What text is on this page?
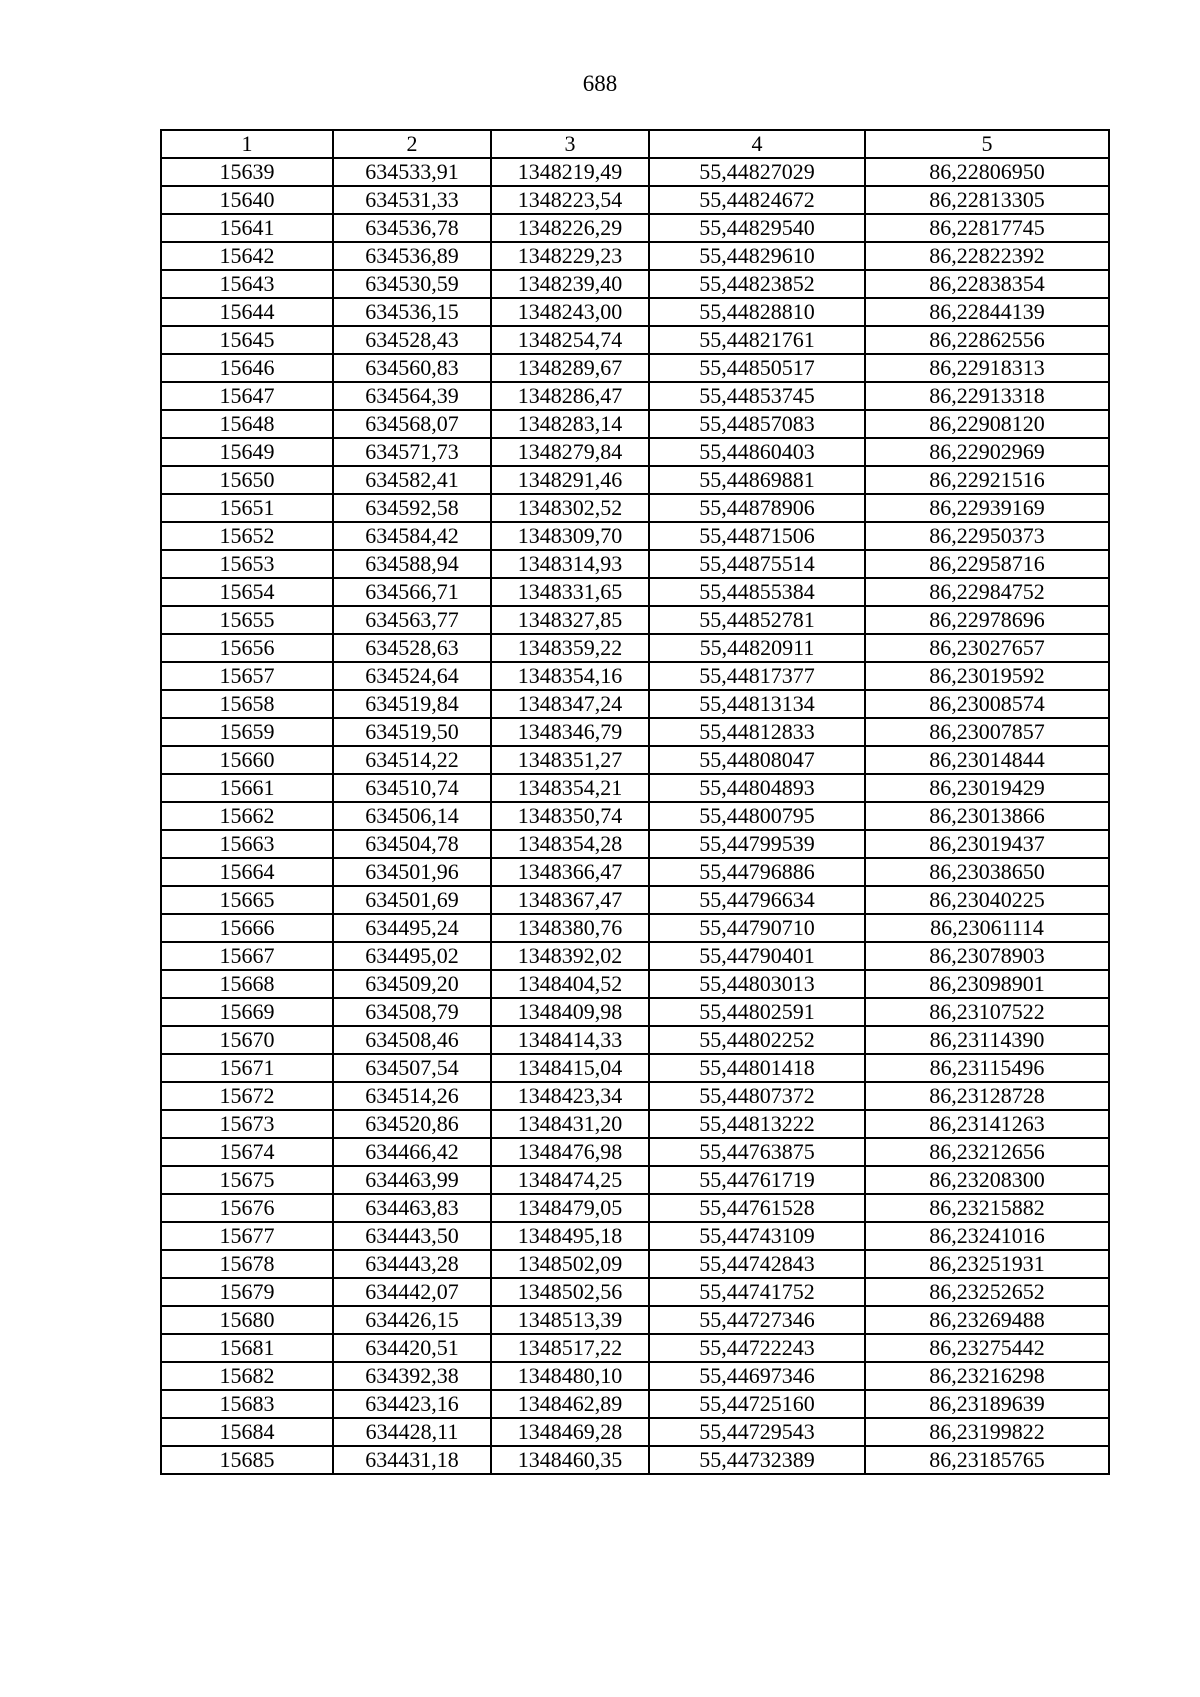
688
1	2	3	4	5
15639	634533,91	1348219,49	55,44827029	86,22806950
15640	634531,33	1348223,54	55,44824672	86,22813305
15641	634536,78	1348226,29	55,44829540	86,22817745
15642	634536,89	1348229,23	55,44829610	86,22822392
15643	634530,59	1348239,40	55,44823852	86,22838354
15644	634536,15	1348243,00	55,44828810	86,22844139
15645	634528,43	1348254,74	55,44821761	86,22862556
15646	634560,83	1348289,67	55,44850517	86,22918313
15647	634564,39	1348286,47	55,44853745	86,22913318
15648	634568,07	1348283,14	55,44857083	86,22908120
15649	634571,73	1348279,84	55,44860403	86,22902969
15650	634582,41	1348291,46	55,44869881	86,22921516
15651	634592,58	1348302,52	55,44878906	86,22939169
15652	634584,42	1348309,70	55,44871506	86,22950373
15653	634588,94	1348314,93	55,44875514	86,22958716
15654	634566,71	1348331,65	55,44855384	86,22984752
15655	634563,77	1348327,85	55,44852781	86,22978696
15656	634528,63	1348359,22	55,44820911	86,23027657
15657	634524,64	1348354,16	55,44817377	86,23019592
15658	634519,84	1348347,24	55,44813134	86,23008574
15659	634519,50	1348346,79	55,44812833	86,23007857
15660	634514,22	1348351,27	55,44808047	86,23014844
15661	634510,74	1348354,21	55,44804893	86,23019429
15662	634506,14	1348350,74	55,44800795	86,23013866
15663	634504,78	1348354,28	55,44799539	86,23019437
15664	634501,96	1348366,47	55,44796886	86,23038650
15665	634501,69	1348367,47	55,44796634	86,23040225
15666	634495,24	1348380,76	55,44790710	86,23061114
15667	634495,02	1348392,02	55,44790401	86,23078903
15668	634509,20	1348404,52	55,44803013	86,23098901
15669	634508,79	1348409,98	55,44802591	86,23107522
15670	634508,46	1348414,33	55,44802252	86,23114390
15671	634507,54	1348415,04	55,44801418	86,23115496
15672	634514,26	1348423,34	55,44807372	86,23128728
15673	634520,86	1348431,20	55,44813222	86,23141263
15674	634466,42	1348476,98	55,44763875	86,23212656
15675	634463,99	1348474,25	55,44761719	86,23208300
15676	634463,83	1348479,05	55,44761528	86,23215882
15677	634443,50	1348495,18	55,44743109	86,23241016
15678	634443,28	1348502,09	55,44742843	86,23251931
15679	634442,07	1348502,56	55,44741752	86,23252652
15680	634426,15	1348513,39	55,44727346	86,23269488
15681	634420,51	1348517,22	55,44722243	86,23275442
15682	634392,38	1348480,10	55,44697346	86,23216298
15683	634423,16	1348462,89	55,44725160	86,23189639
15684	634428,11	1348469,28	55,44729543	86,23199822
15685	634431,18	1348460,35	55,44732389	86,23185765
